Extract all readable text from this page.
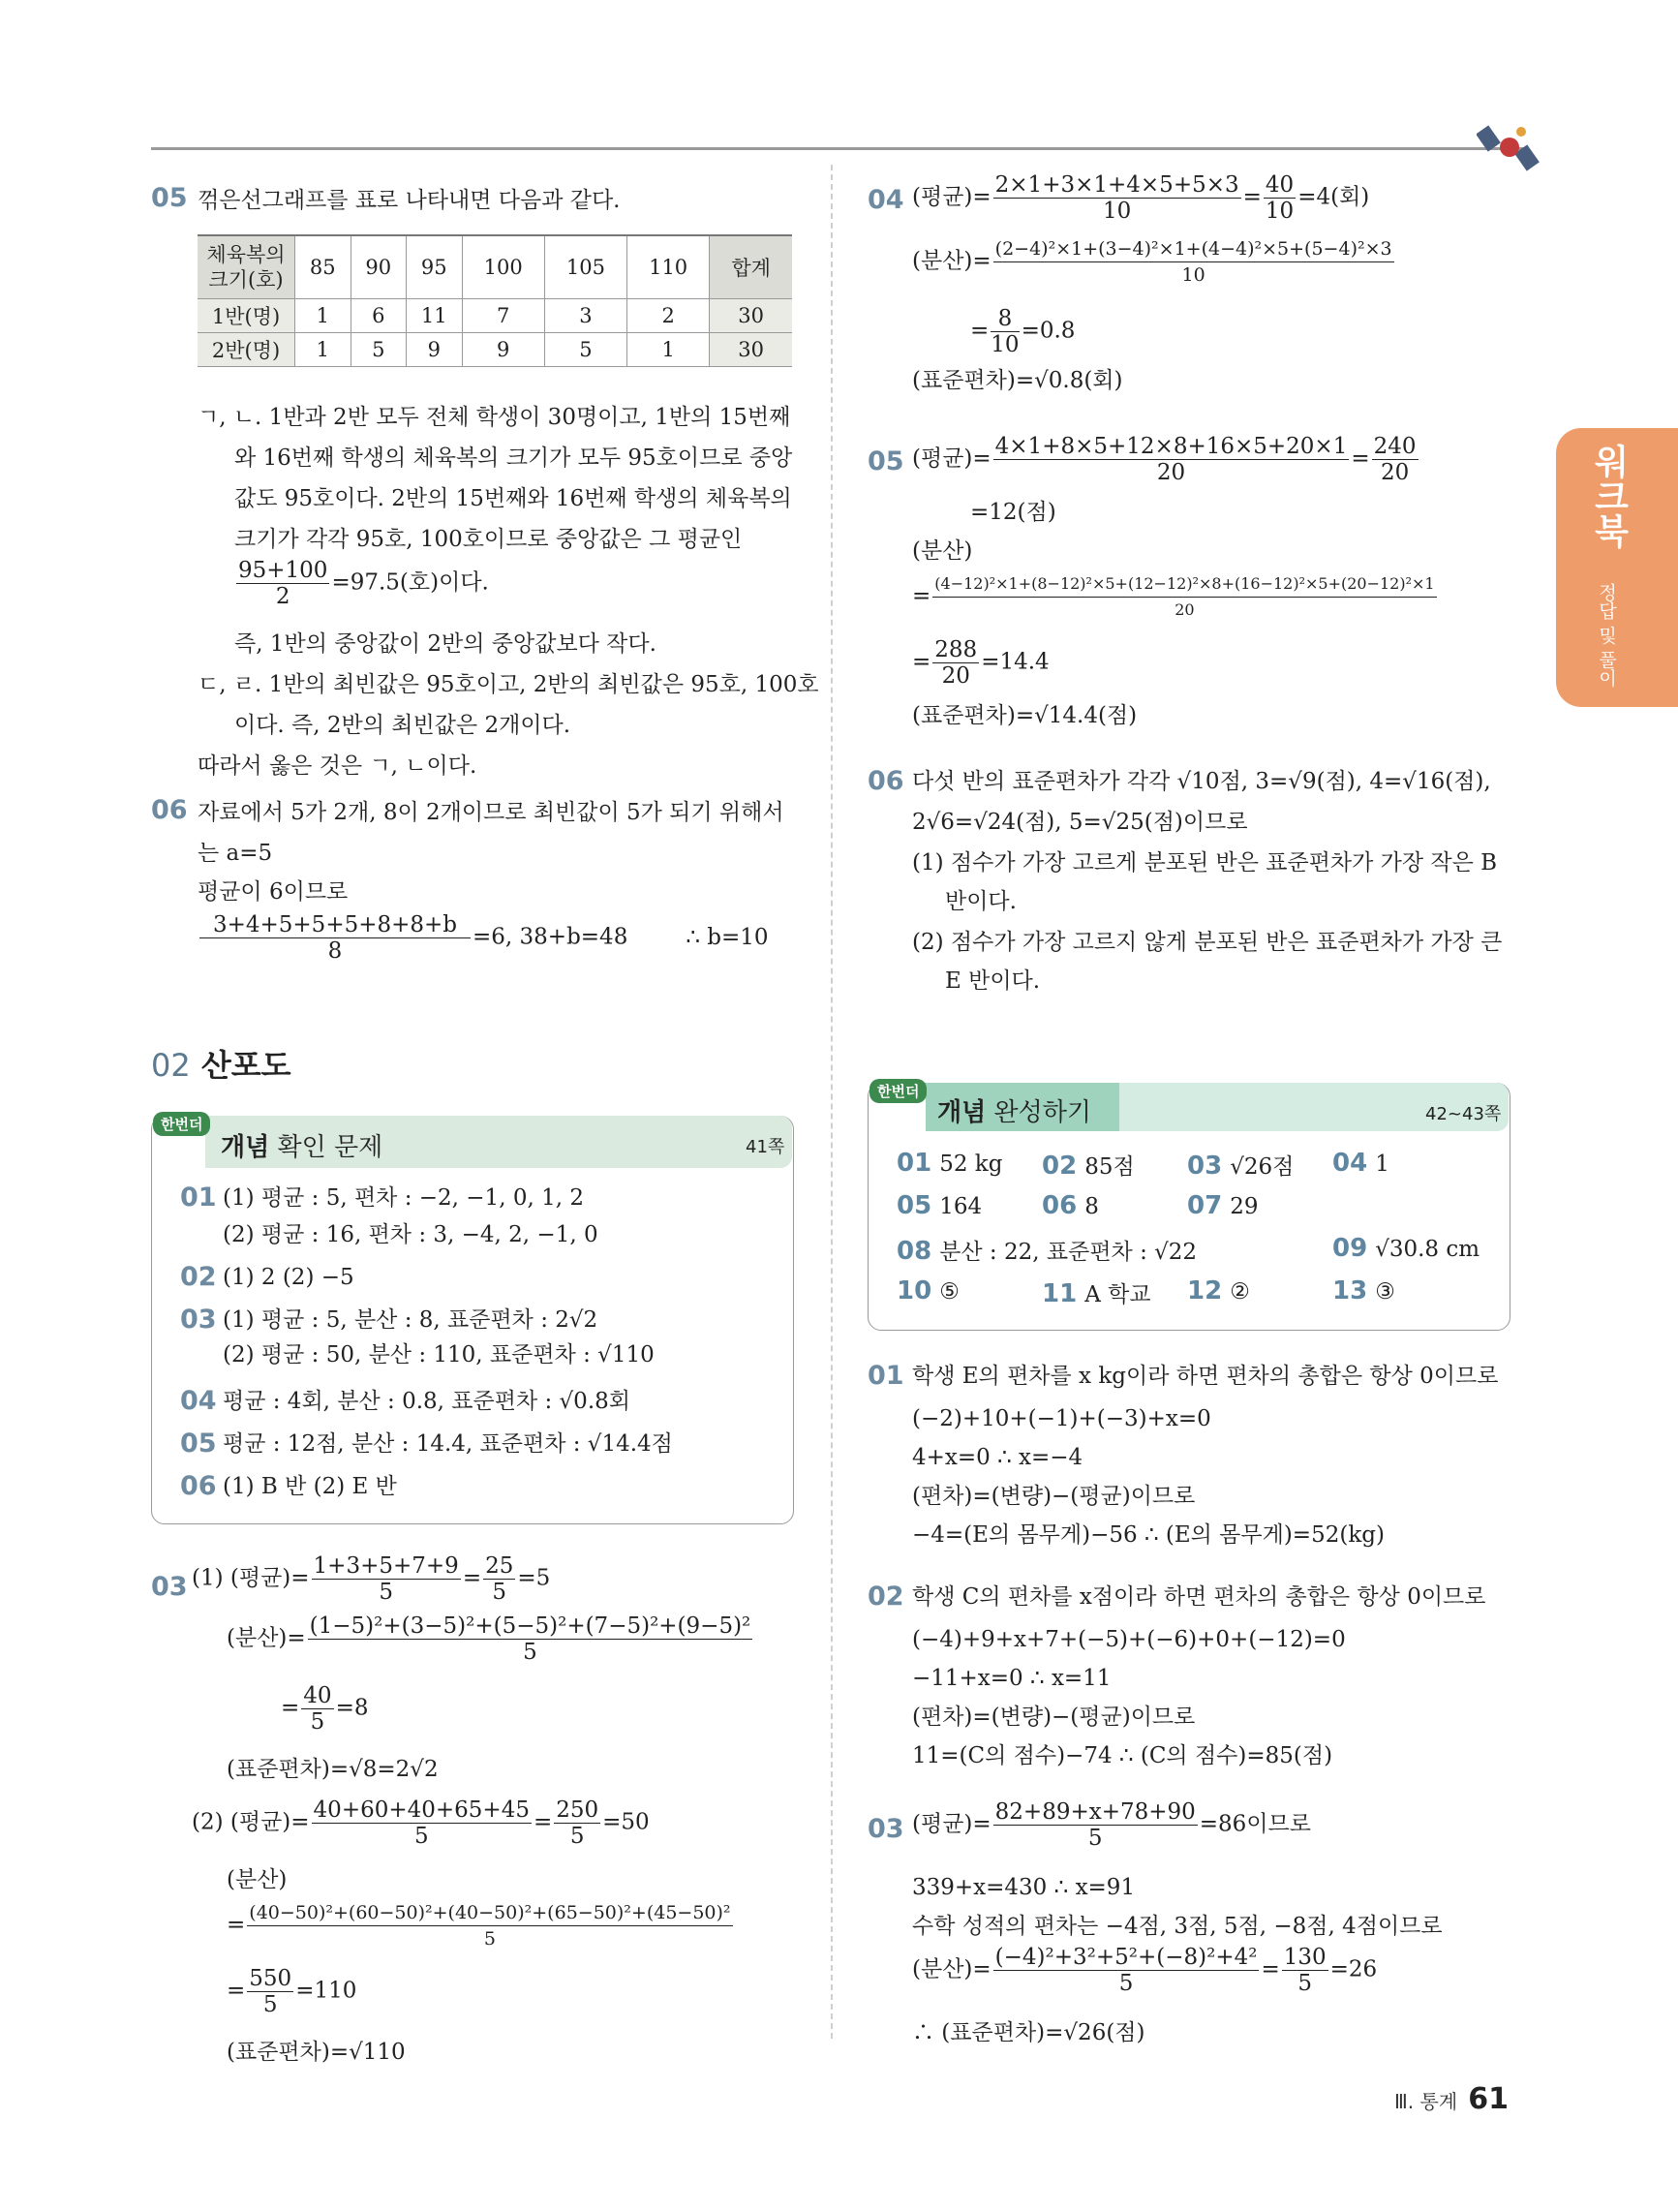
워크북
정답 및 풀이
05 꺾은선그래프를 표로 나타내면 다음과 같다.
체육복의
크기(호)	85	90	95	100	105	110	합계
1반(명)	1	6	11	7	3	2	30
2반(명)	1	5	9	9	5	1	30
ㄱ, ㄴ. 1반과 2반 모두 전체 학생이 30명이고, 1반의 15번째
와 16번째 학생의 체육복의 크기가 모두 95호이므로 중앙
값도 95호이다. 2반의 15번째와 16번째 학생의 체육복의
크기가 각각 95호, 100호이므로 중앙값은 그 평균인
$\frac{95+100}{2} =97.5$(호)이다.
즉, 1반의 중앙값이 2반의 중앙값보다 작다.
ㄷ, ㄹ. 1반의 최빈값은 95호이고, 2반의 최빈값은 95호, 100호
이다. 즉, 2반의 최빈값은 2개이다.
따라서 옳은 것은 ㄱ, ㄴ이다.
06 자료에서 5가 2개, 8이 2개이므로 최빈값이 5가 되기 위해서
는 a=5
평균이 6이므로
$\frac{3+4+5+5+5+8+8+b}{8} =6$, 38+b=48	∴ b=10
02 산포도
한번더
개념 확인 문제	41쪽
01 (1) 평균 : 5, 편차 : −2, −1, 0, 1, 2
(2) 평균 : 16, 편차 : 3, −4, 2, −1, 0
02 (1) 2 (2) −5
03 (1) 평균 : 5, 분산 : 8, 표준편차 : 2√2
(2) 평균 : 50, 분산 : 110, 표준편차 : √110
04 평균 : 4회, 분산 : 0.8, 표준편차 : √0.8회
05 평균 : 12점, 분산 : 14.4, 표준편차 : √14.4점
06 (1) B 반 (2) E 반
03 (1) (평균)= $\frac{1+3+5+7+9}{5} = \frac{25}{5} =5$
(분산)= $\frac{\text{(1−5)²+(3−5)²+(5−5)²+(7−5)²+(9−5)²}}{5}$
= $\frac{40}{5} =8$
(표준편차)=√8=2√2
(2) (평균)= $\frac{40+60+40+65+45}{5} = \frac{250}{5} =50$
(분산)
= $\frac{\text{(40−50)²+(60−50)²+(40−50)²+(65−50)²+(45−50)²}}{5}$
= $\frac{550}{5} =110$
(표준편차)=√110
04 (평균)= $\frac{2\times 1+3\times 1+4\times 5+5\times 3}{10} = \frac{40}{10} =4$(회)
(분산)= $\frac{\text{(2−4)²×1+(3−4)²×1+(4−4)²×5+(5−4)²×3}}{10}$
= $\frac{8}{10} =0.8$
(표준편차)=√0.8(회)
05 (평균)= $\frac{4\times 1+8\times 5+12\times 8+16\times 5+20\times 1}{20} = \frac{240}{20}$
=12(점)
(분산)
= $\frac{\text{(4−12)²×1+(8−12)²×5+(12−12)²×8+(16−12)²×5+(20−12)²×1}}{20}$
= $\frac{288}{20} =14.4$
(표준편차)=√14.4(점)
06 다섯 반의 표준편차가 각각 √10점, 3=√9(점), 4=√16(점),
2√6=√24(점), 5=√25(점)이므로
(1) 점수가 가장 고르게 분포된 반은 표준편차가 가장 작은 B
반이다.
(2) 점수가 가장 고르지 않게 분포된 반은 표준편차가 가장 큰
E 반이다.
한번더
개념 완성하기	42~43쪽
01 52 kg 02 85점 03 √26점 04 1
05 164 06 8	07 29
08 분산 : 22, 표준편차 : √22	09 √30.8 cm
10 ⑤	11 A 학교 12 ②	13 ③
01 학생 E의 편차를 x kg이라 하면 편차의 총합은 항상 0이므로
(−2)+10+(−1)+(−3)+x=0
4+x=0 ∴ x=−4
(편차)=(변량)−(평균)이므로
−4=(E의 몸무게)−56 ∴ (E의 몸무게)=52(kg)
02 학생 C의 편차를 x점이라 하면 편차의 총합은 항상 0이므로
(−4)+9+x+7+(−5)+(−6)+0+(−12)=0
−11+x=0 ∴ x=11
(편차)=(변량)−(평균)이므로
11=(C의 점수)−74 ∴ (C의 점수)=85(점)
03 (평균)= $\frac{82+89+x+78+90}{5} =86$이므로
339+x=430 ∴ x=91
수학 성적의 편차는 −4점, 3점, 5점, −8점, 4점이므로
(분산)= $\frac{\text{(−4)²+3²+5²+(−8)²+4²}}{5} = \frac{130}{5} =26$
∴ (표준편차)=√26(점)
Ⅲ. 통계 61
